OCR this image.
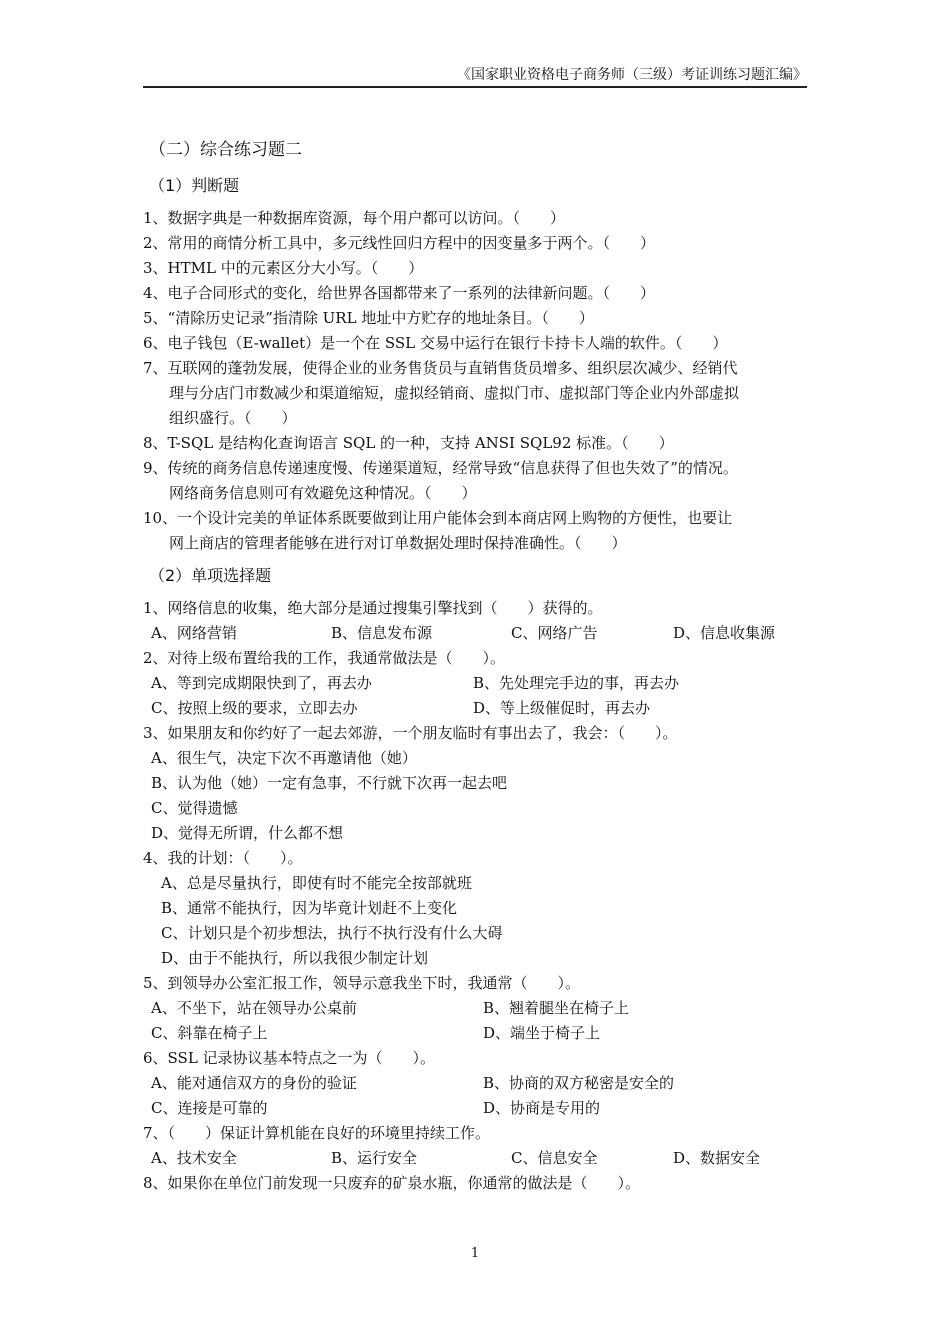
《国家职业资格电子商务师（三级）考证训练习题汇编》
（二）综合练习题二
（1）判断题
1、数据字典是一种数据库资源，每个用户都可以访问。（　　）
2、常用的商情分析工具中，多元线性回归方程中的因变量多于两个。（　　）
3、HTML 中的元素区分大小写。（　　）
4、电子合同形式的变化，给世界各国都带来了一系列的法律新问题。（　　）
5、“清除历史记录”指清除 URL 地址中方贮存的地址条目。（　　）
6、电子钱包（E-wallet）是一个在 SSL 交易中运行在银行卡持卡人端的软件。（　　）
7、互联网的蓬勃发展，使得企业的业务售货员与直销售货员增多、组织层次减少、经销代
理与分店门市数减少和渠道缩短，虚拟经销商、虚拟门市、虚拟部门等企业内外部虚拟
组织盛行。（　　）
8、T-SQL 是结构化查询语言 SQL 的一种，支持 ANSI SQL92 标准。（　　）
9、传统的商务信息传递速度慢、传递渠道短，经常导致“信息获得了但也失效了”的情况。
网络商务信息则可有效避免这种情况。（　　）
10、一个设计完美的单证体系既要做到让用户能体会到本商店网上购物的方便性，也要让
网上商店的管理者能够在进行对订单数据处理时保持准确性。（　　）
（2）单项选择题
1、网络信息的收集，绝大部分是通过搜集引擎找到（　　）获得的。
A、网络营销	B、信息发布源	C、网络广告	D、信息收集源
2、对待上级布置给我的工作，我通常做法是（　　）。
A、等到完成期限快到了，再去办	B、先处理完手边的事，再去办
C、按照上级的要求，立即去办	D、等上级催促时，再去办
3、如果朋友和你约好了一起去郊游，一个朋友临时有事出去了，我会：（　　）。
A、很生气，决定下次不再邀请他（她）
B、认为他（她）一定有急事，不行就下次再一起去吧
C、觉得遗憾
D、觉得无所谓，什么都不想
4、我的计划：（　　）。
A、总是尽量执行，即使有时不能完全按部就班
B、通常不能执行，因为毕竟计划赶不上变化
C、计划只是个初步想法，执行不执行没有什么大碍
D、由于不能执行，所以我很少制定计划
5、到领导办公室汇报工作，领导示意我坐下时，我通常（　　）。
A、不坐下，站在领导办公桌前	B、翘着腿坐在椅子上
C、斜靠在椅子上	D、端坐于椅子上
6、SSL 记录协议基本特点之一为（　　）。
A、能对通信双方的身份的验证	B、协商的双方秘密是安全的
C、连接是可靠的	D、协商是专用的
7、（　　）保证计算机能在良好的环境里持续工作。
A、技术安全	B、运行安全	C、信息安全	D、数据安全
8、如果你在单位门前发现一只废弃的矿泉水瓶，你通常的做法是（　　）。
1
